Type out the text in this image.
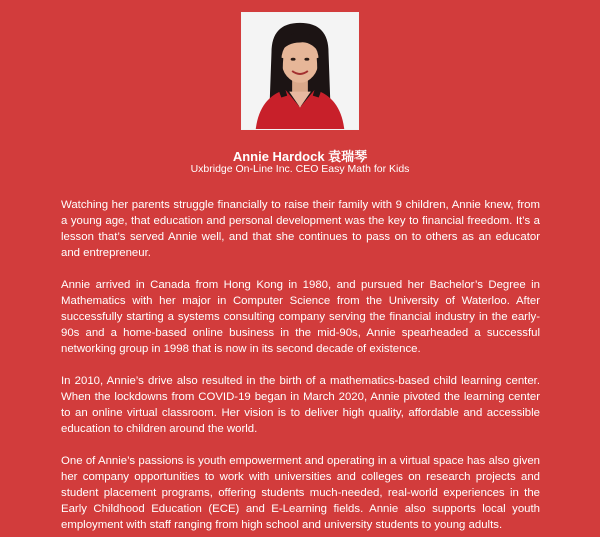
Annie Hardock 袁瑞琴

Uxbridge On-Line Inc. CEO Easy Math for Kids

Watching her parents struggle financially to raise their family with 9 children, Annie knew, from a young age, that education and personal development was the key to financial freedom. It’s a lesson that’s served Annie well, and that she continues to pass on to others as an educator and entrepreneur.

Annie arrived in Canada from Hong Kong in 1980, and pursued her Bachelor’s Degree in Mathematics with her major in Computer Science from the University of Waterloo. After successfully starting a systems consulting company serving the financial industry in the early-90s and a home-based online business in the mid-90s, Annie spearheaded a successful networking group in 1998 that is now in its second decade of existence.

In 2010, Annie’s drive also resulted in the birth of a mathematics-based child learning center. When the lockdowns from COVID-19 began in March 2020, Annie pivoted the learning center to an online virtual classroom. Her vision is to deliver high quality, affordable and accessible education to children around the world.

One of Annie’s passions is youth empowerment and operating in a virtual space has also given her company opportunities to work with universities and colleges on research projects and student placement programs, offering students much-needed, real-world experiences in the Early Childhood Education (ECE) and E-Learning fields. Annie also supports local youth employment with staff ranging from high school and university students to young adults.
